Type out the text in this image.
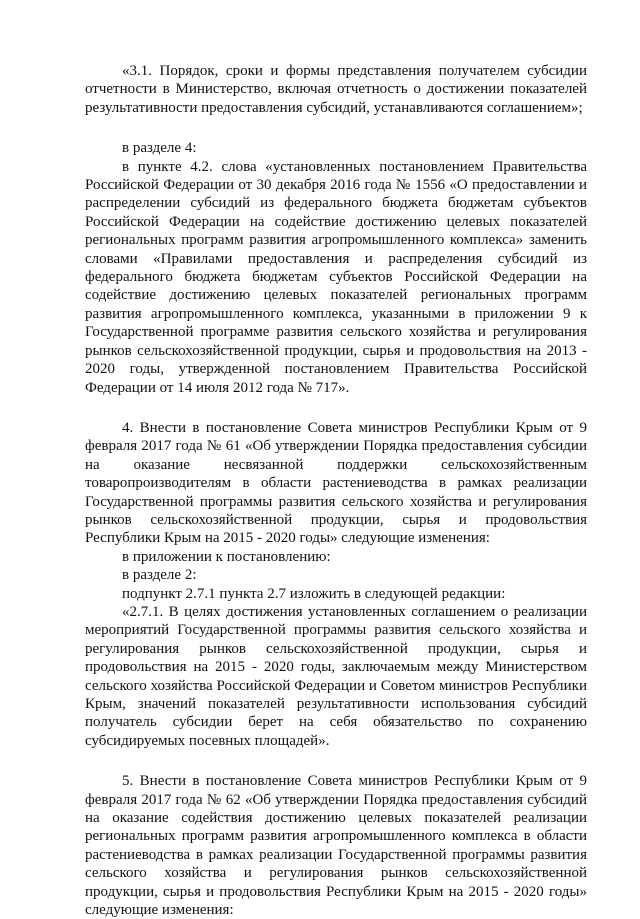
«3.1. Порядок, сроки и формы представления получателем субсидии отчетности в Министерство, включая отчетность о достижении показателей результативности предоставления субсидий, устанавливаются соглашением»;

в разделе 4:

в пункте 4.2. слова «установленных постановлением Правительства Российской Федерации от 30 декабря 2016 года № 1556 «О предоставлении и распределении субсидий из федерального бюджета бюджетам субъектов Российской Федерации на содействие достижению целевых показателей региональных программ развития агропромышленного комплекса» заменить словами «Правилами предоставления и распределения субсидий из федерального бюджета бюджетам субъектов Российской Федерации на содействие достижению целевых показателей региональных программ развития агропромышленного комплекса, указанными в приложении 9 к Государственной программе развития сельского хозяйства и регулирования рынков сельскохозяйственной продукции, сырья и продовольствия на 2013 - 2020 годы, утвержденной постановлением Правительства Российской Федерации от 14 июля 2012 года № 717».

4. Внести в постановление Совета министров Республики Крым от 9 февраля 2017 года № 61 «Об утверждении Порядка предоставления субсидии на оказание несвязанной поддержки сельскохозяйственным товаропроизводителям в области растениеводства в рамках реализации Государственной программы развития сельского хозяйства и регулирования рынков сельскохозяйственной продукции, сырья и продовольствия Республики Крым на 2015 - 2020 годы» следующие изменения:

в приложении к постановлению:

в разделе 2:

подпункт 2.7.1 пункта 2.7 изложить в следующей редакции:

«2.7.1. В целях достижения установленных соглашением о реализации мероприятий Государственной программы развития сельского хозяйства и регулирования рынков сельскохозяйственной продукции, сырья и продовольствия на 2015 - 2020 годы, заключаемым между Министерством сельского хозяйства Российской Федерации и Советом министров Республики Крым, значений показателей результативности использования субсидий получатель субсидии берет на себя обязательство по сохранению субсидируемых посевных площадей».

5. Внести в постановление Совета министров Республики Крым от 9 февраля 2017 года № 62 «Об утверждении Порядка предоставления субсидий на оказание содействия достижению целевых показателей реализации региональных программ развития агропромышленного комплекса в области растениеводства в рамках реализации Государственной программы развития сельского хозяйства и регулирования рынков сельскохозяйственной продукции, сырья и продовольствия Республики Крым на 2015 - 2020 годы» следующие изменения:
